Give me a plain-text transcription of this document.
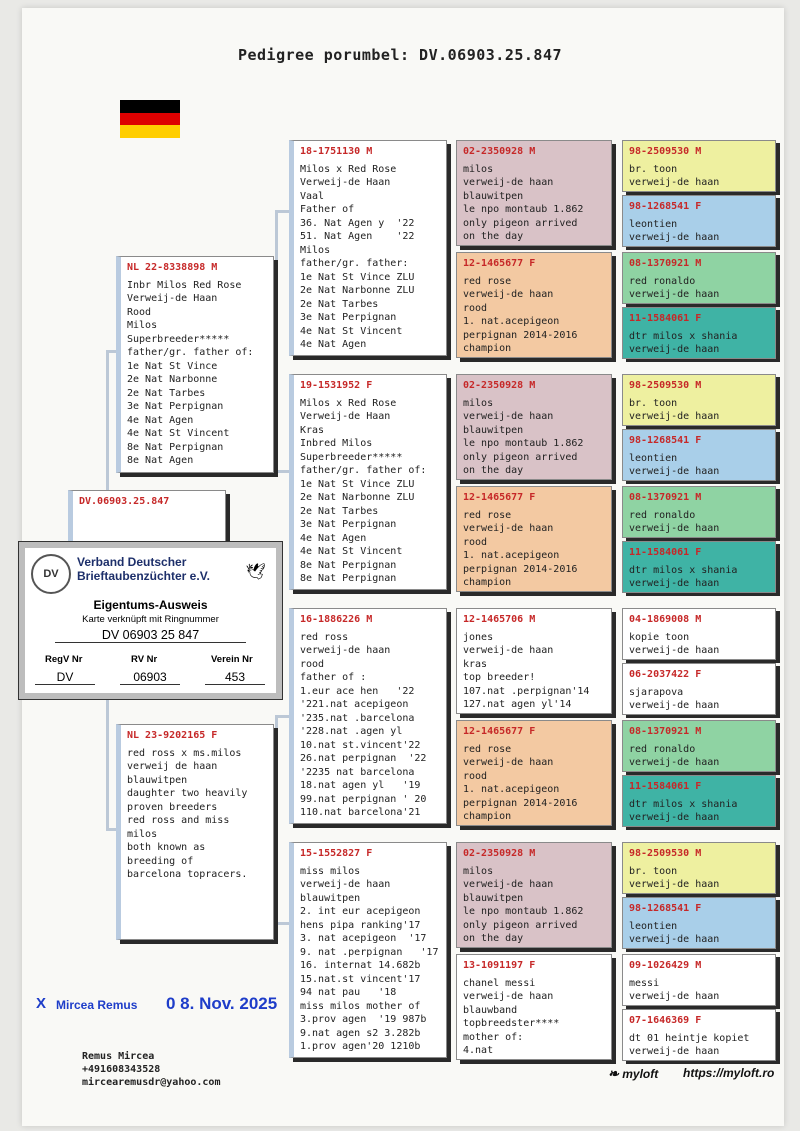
Pedigree porumbel: DV.06903.25.847
DV.06903.25.847

NL 22-8338898 M
Inbr Milos Red Rose
Verweij-de Haan
Rood
Milos
Superbreeder*****
father/gr. father of:
1e Nat St Vince
2e Nat Narbonne
2e Nat Tarbes
3e Nat Perpignan
4e Nat Agen
4e Nat St Vincent
8e Nat Perpignan
8e Nat Agen
NL 23-9202165 F
red ross x ms.milos
verweij de haan
blauwitpen
daughter two heavily
proven breeders
red ross and miss
milos
both known as
breeding of
barcelona topracers.
18-1751130 M
Milos x Red Rose
Verweij-de Haan
Vaal
Father of
36. Nat Agen y  '22
51. Nat Agen    '22
Milos
father/gr. father:
1e Nat St Vince ZLU
2e Nat Narbonne ZLU
2e Nat Tarbes
3e Nat Perpignan
4e Nat St Vincent
4e Nat Agen
19-1531952 F
Milos x Red Rose
Verweij-de Haan
Kras
Inbred Milos
Superbreeder*****
father/gr. father of:
1e Nat St Vince ZLU
2e Nat Narbonne ZLU
2e Nat Tarbes
3e Nat Perpignan
4e Nat Agen
4e Nat St Vincent
8e Nat Perpignan
8e Nat Perpignan
16-1886226 M
red ross
verweij-de haan
rood
father of :
1.eur ace hen   '22
'221.nat acepigeon
'235.nat .barcelona
'228.nat .agen yl
10.nat st.vincent'22
26.nat perpignan  '22
'2235 nat barcelona
18.nat agen yl   '19
99.nat perpignan ' 20
110.nat barcelona'21
15-1552827 F
miss milos
verweij-de haan
blauwitpen
2. int eur acepigeon
hens pipa ranking'17
3. nat acepigeon  '17
9. nat .perpignan   '17
16. internat 14.682b
15.nat.st vincent'17
94 nat pau   '18
miss milos mother of
3.prov agen  '19 987b
9.nat agen s2 3.282b
1.prov agen'20 1210b
02-2350928 M
milos
verweij-de haan
blauwitpen
le npo montaub 1.862
only pigeon arrived
on the day
12-1465677 F
red rose
verweij-de haan
rood
1. nat.acepigeon
perpignan 2014-2016
champion
02-2350928 M
milos
verweij-de haan
blauwitpen
le npo montaub 1.862
only pigeon arrived
on the day
12-1465677 F
red rose
verweij-de haan
rood
1. nat.acepigeon
perpignan 2014-2016
champion
12-1465706 M
jones
verweij-de haan
kras
top breeder!
107.nat .perpignan'14
127.nat agen yl'14
12-1465677 F
red rose
verweij-de haan
rood
1. nat.acepigeon
perpignan 2014-2016
champion
02-2350928 M
milos
verweij-de haan
blauwitpen
le npo montaub 1.862
only pigeon arrived
on the day
13-1091197 F
chanel messi
verweij-de haan
blauwband
topbreedster****
mother of:
4.nat
98-2509530 M
br. toon
verweij-de haan
98-1268541 F
leontien
verweij-de haan
08-1370921 M
red ronaldo
verweij-de haan
11-1584061 F
dtr milos x shania
verweij-de haan
98-2509530 M
br. toon
verweij-de haan
98-1268541 F
leontien
verweij-de haan
08-1370921 M
red ronaldo
verweij-de haan
11-1584061 F
dtr milos x shania
verweij-de haan
04-1869008 M
kopie toon
verweij-de haan
06-2037422 F
sjarapova
verweij-de haan
08-1370921 M
red ronaldo
verweij-de haan
11-1584061 F
dtr milos x shania
verweij-de haan
98-2509530 M
br. toon
verweij-de haan
98-1268541 F
leontien
verweij-de haan
09-1026429 M
messi
verweij-de haan
07-1646369 F
dt 01 heintje kopiet
verweij-de haan
DV
Verband Deutscher
Brieftaubenzüchter e.V. 🕊
Eigentums-Ausweis
Karte verknüpft mit Ringnummer
DV 06903 25 847
RegV Nr	RV Nr	Verein Nr
DV	06903	453
X Mircea Remus 0 8. Nov. 2025
Remus Mircea
+4916083435​28
mircearemusdr@yahoo.com
❧ myloft https://myloft.ro
